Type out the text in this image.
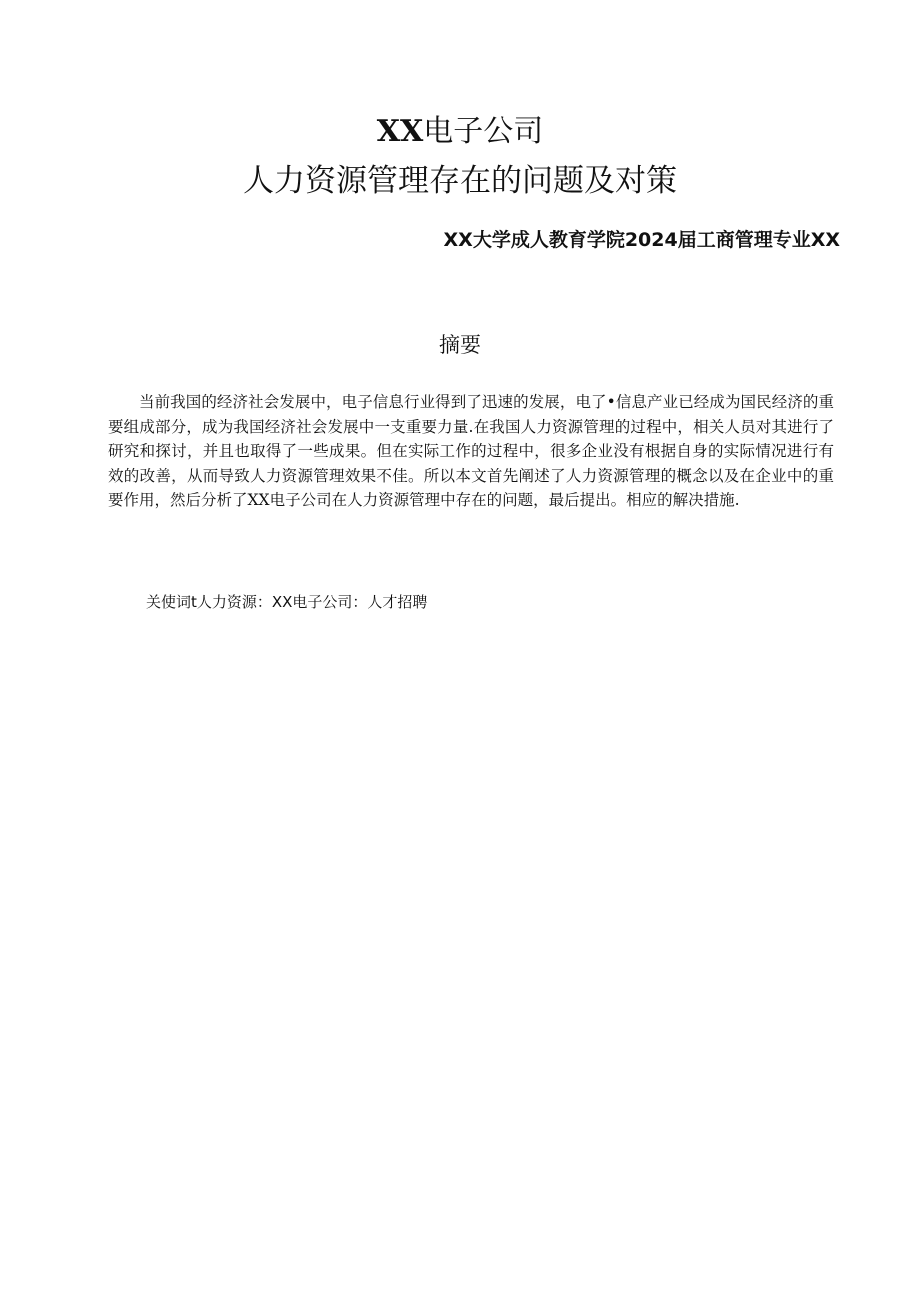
XX电子公司
人力资源管理存在的问题及对策
XX大学成人教育学院2024届工商管理专业XX
摘要

当前我国的经济社会发展中，电子信息行业得到了迅速的发展，电了•信息产业已经成为国民经济的重要组成部分，成为我国经济社会发展中一支重要力量.在我国人力资源管理的过程中，相关人员对其进行了研究和探讨，并且也取得了一些成果。但在实际工作的过程中，很多企业没有根据自身的实际情况进行有效的改善，从而导致人力资源管理效果不佳。所以本文首先阐述了人力资源管理的概念以及在企业中的重要作用，然后分析了XX电子公司在人力资源管理中存在的问题，最后提出。相应的解决措施.

关使词t人力资源：XX电子公司：人才招聘
